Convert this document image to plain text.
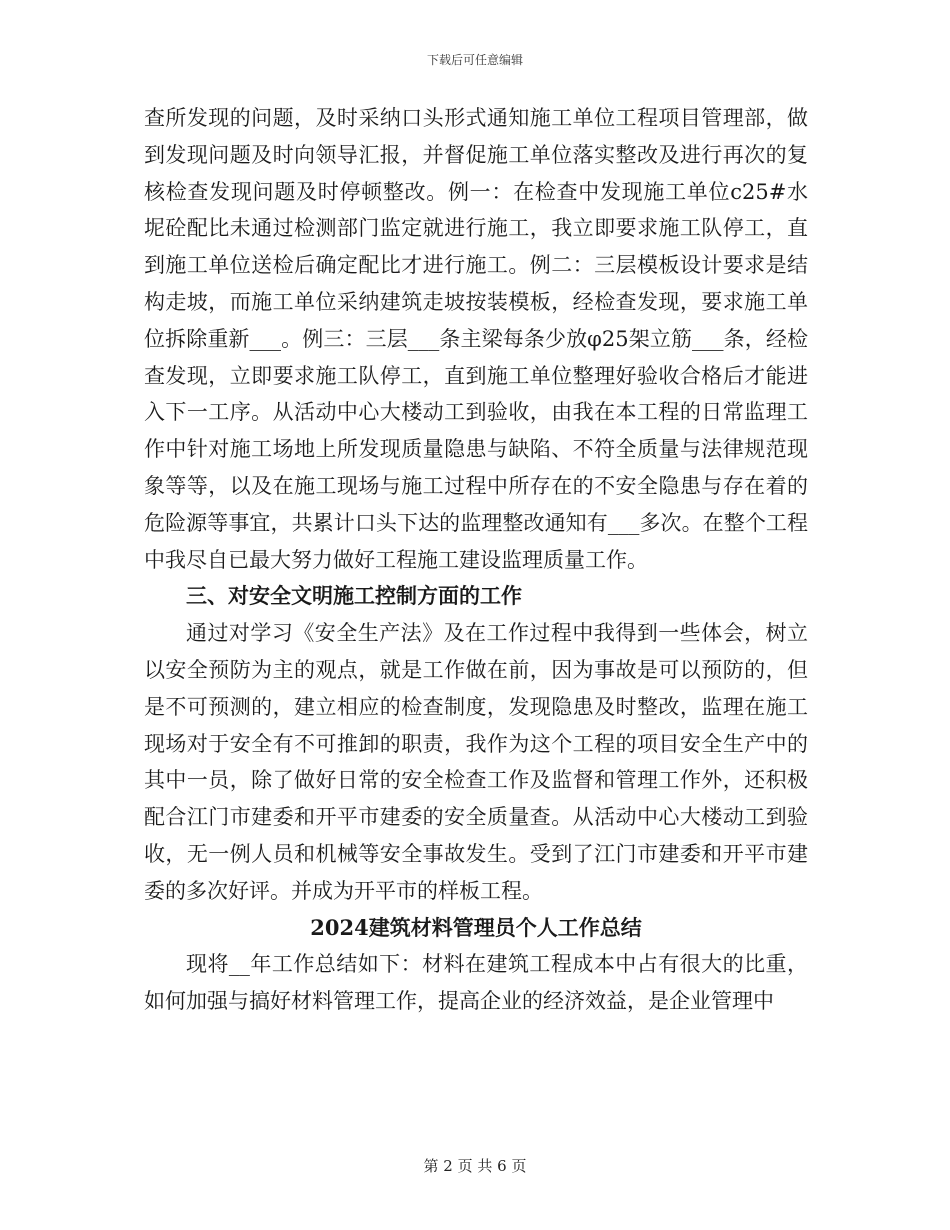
下载后可任意编辑

查所发现的问题，及时采纳口头形式通知施工单位工程项目管理部，做到发现问题及时向领导汇报，并督促施工单位落实整改及进行再次的复核检查发现问题及时停顿整改。例一：在检查中发现施工单位c25#水坭砼配比未通过检测部门监定就进行施工，我立即要求施工队停工，直到施工单位送检后确定配比才进行施工。例二：三层模板设计要求是结构走坡，而施工单位采纳建筑走坡按装模板，经检查发现，要求施工单位拆除重新___。例三：三层___条主梁每条少放φ25架立筋___条，经检查发现，立即要求施工队停工，直到施工单位整理好验收合格后才能进入下一工序。从活动中心大楼动工到验收，由我在本工程的日常监理工作中针对施工场地上所发现质量隐患与缺陷、不符全质量与法律规范现象等等，以及在施工现场与施工过程中所存在的不安全隐患与存在着的危险源等事宜，共累计口头下达的监理整改通知有___多次。在整个工程中我尽自已最大努力做好工程施工建设监理质量工作。

三、对安全文明施工控制方面的工作

通过对学习《安全生产法》及在工作过程中我得到一些体会，树立以安全预防为主的观点，就是工作做在前，因为事故是可以预防的，但是不可预测的，建立相应的检查制度，发现隐患及时整改，监理在施工现场对于安全有不可推卸的职责，我作为这个工程的项目安全生产中的其中一员，除了做好日常的安全检查工作及监督和管理工作外，还积极配合江门市建委和开平市建委的安全质量查。从活动中心大楼动工到验收，无一例人员和机械等安全事故发生。受到了江门市建委和开平市建委的多次好评。并成为开平市的样板工程。

2024建筑材料管理员个人工作总结

现将__年工作总结如下：材料在建筑工程成本中占有很大的比重，如何加强与搞好材料管理工作，提高企业的经济效益，是企业管理中

第 2 页 共 6 页
